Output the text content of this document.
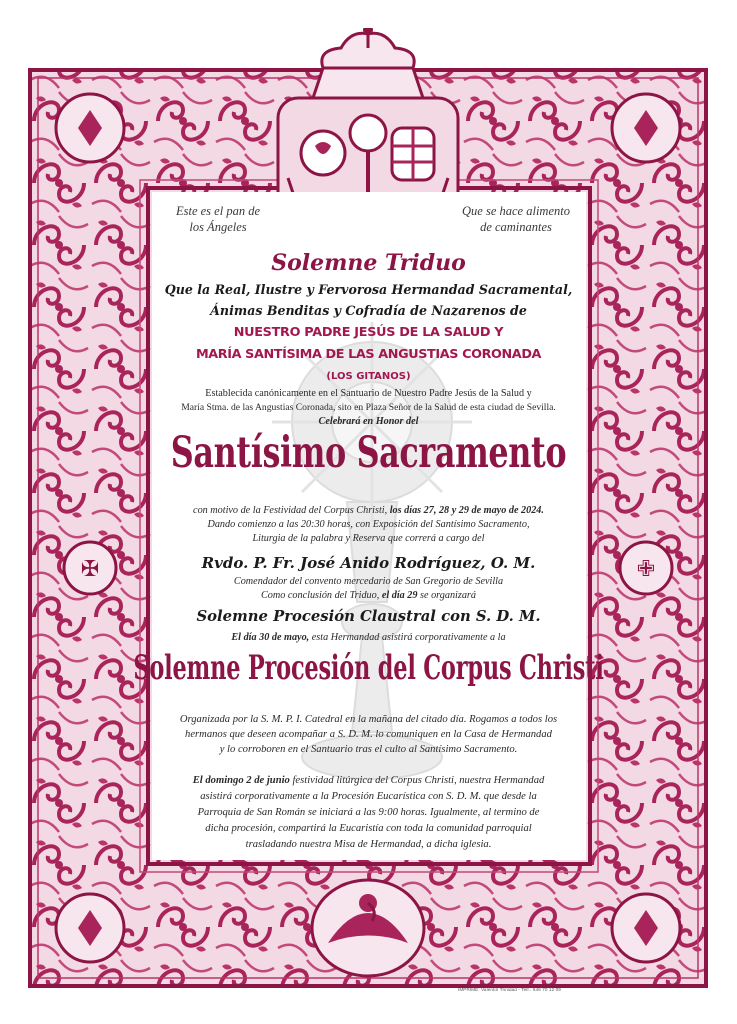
✠	✙
Este es el pan de
los Ángeles
Que se hace alimento
de caminantes
Solemne Triduo
Que la Real, Ilustre y Fervorosa Hermandad Sacramental,
Ánimas Benditas y Cofradía de Nazarenos de
NUESTRO PADRE JESÚS DE LA SALUD Y
MARÍA SANTÍSIMA DE LAS ANGUSTIAS CORONADA
(LOS GITANOS)
Establecida canónicamente en el Santuario de Nuestro Padre Jesús de la Salud y
María Stma. de las Angustias Coronada, sito en Plaza Señor de la Salud de esta ciudad de Sevilla.
Celebrará en Honor del
Santísimo Sacramento
con motivo de la Festividad del Corpus Christi, los días 27, 28 y 29 de mayo de 2024.
Dando comienzo a las 20:30 horas, con Exposición del Santísimo Sacramento,
Liturgia de la palabra y Reserva que correrá a cargo del
Rvdo. P. Fr. José Anido Rodríguez, O. M.
Comendador del convento mercedario de San Gregorio de Sevilla
Como conclusión del Triduo, el día 29 se organizará
Solemne Procesión Claustral con S. D. M.
El día 30 de mayo, esta Hermandad asistirá corporativamente a la
Solemne Procesión del Corpus Christi
Organizada por la S. M. P. I. Catedral en la mañana del citado día. Rogamos a todos los
hermanos que deseen acompañar a S. D. M. lo comuniquen en la Casa de Hermandad
y lo corroboren en el Santuario tras el culto al Santísimo Sacramento.
El domingo 2 de junio festividad litúrgica del Corpus Christi, nuestra Hermandad
asistirá corporativamente a la Procesión Eucarística con S. D. M. que desde la
Parroquia de San Román se iniciará a las 9:00 horas. Igualmente, al termino de
dicha procesión, compartirá la Eucaristía con toda la comunidad parroquial
trasladando nuestra Misa de Hermandad, a dicha iglesia.
IMPRIME: Valentín Trinidad - Telf.: 646 70 12 09
